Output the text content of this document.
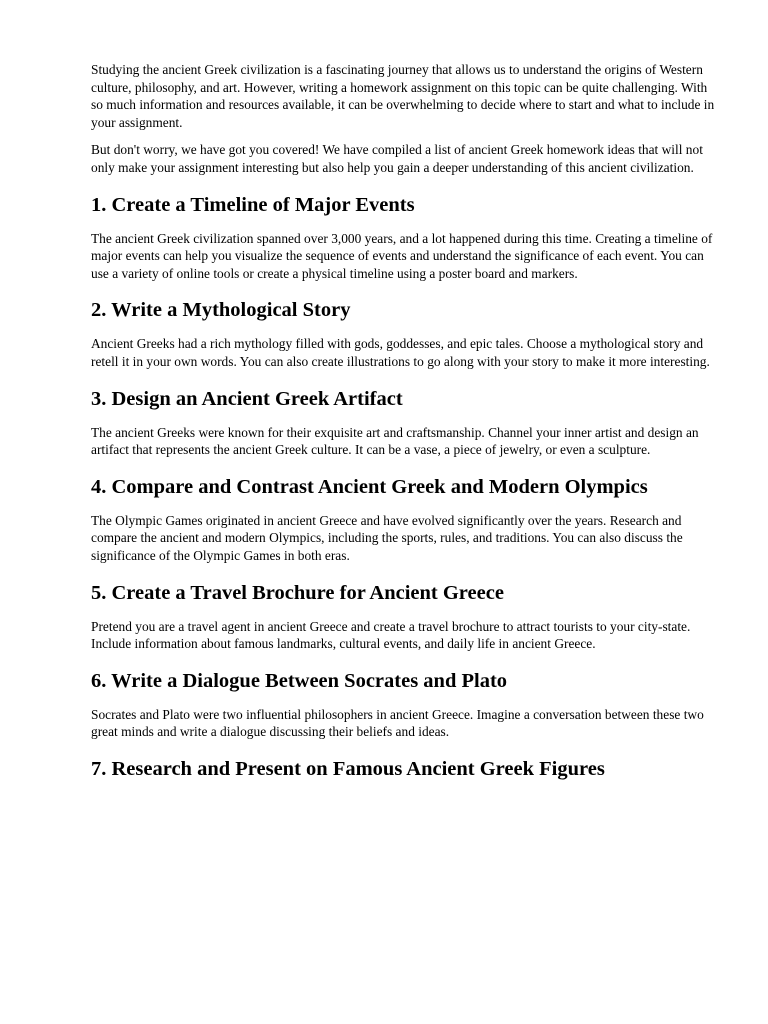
Studying the ancient Greek civilization is a fascinating journey that allows us to understand the origins of Western culture, philosophy, and art. However, writing a homework assignment on this topic can be quite challenging. With so much information and resources available, it can be overwhelming to decide where to start and what to include in your assignment.

But don't worry, we have got you covered! We have compiled a list of ancient Greek homework ideas that will not only make your assignment interesting but also help you gain a deeper understanding of this ancient civilization.

1. Create a Timeline of Major Events

The ancient Greek civilization spanned over 3,000 years, and a lot happened during this time. Creating a timeline of major events can help you visualize the sequence of events and understand the significance of each event. You can use a variety of online tools or create a physical timeline using a poster board and markers.

2. Write a Mythological Story

Ancient Greeks had a rich mythology filled with gods, goddesses, and epic tales. Choose a mythological story and retell it in your own words. You can also create illustrations to go along with your story to make it more interesting.

3. Design an Ancient Greek Artifact

The ancient Greeks were known for their exquisite art and craftsmanship. Channel your inner artist and design an artifact that represents the ancient Greek culture. It can be a vase, a piece of jewelry, or even a sculpture.

4. Compare and Contrast Ancient Greek and Modern Olympics

The Olympic Games originated in ancient Greece and have evolved significantly over the years. Research and compare the ancient and modern Olympics, including the sports, rules, and traditions. You can also discuss the significance of the Olympic Games in both eras.

5. Create a Travel Brochure for Ancient Greece

Pretend you are a travel agent in ancient Greece and create a travel brochure to attract tourists to your city-state. Include information about famous landmarks, cultural events, and daily life in ancient Greece.

6. Write a Dialogue Between Socrates and Plato

Socrates and Plato were two influential philosophers in ancient Greece. Imagine a conversation between these two great minds and write a dialogue discussing their beliefs and ideas.

7. Research and Present on Famous Ancient Greek Figures
